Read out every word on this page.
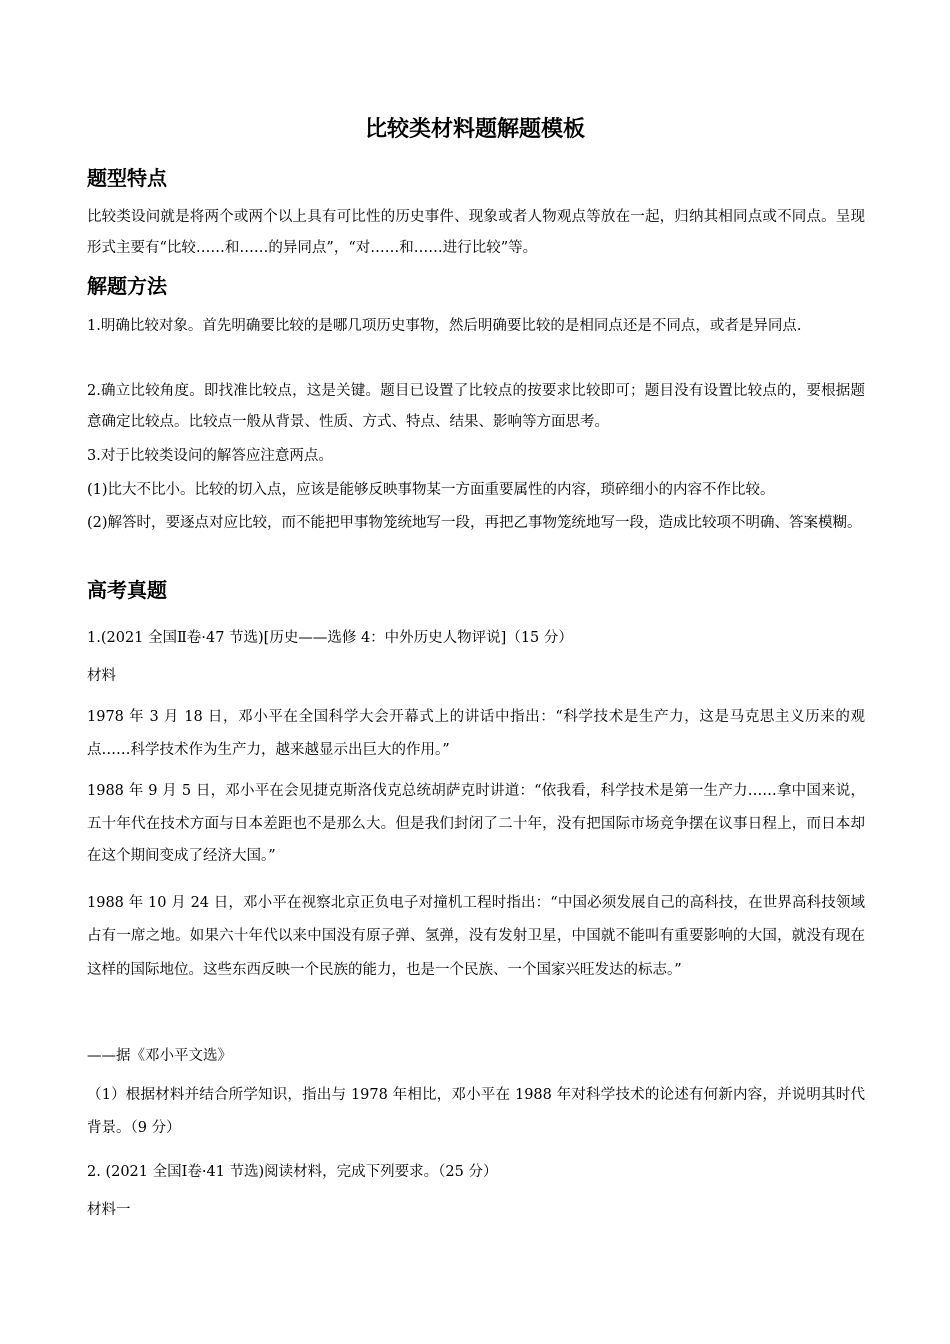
比较类材料题解题模板
题型特点

比较类设问就是将两个或两个以上具有可比性的历史事件、现象或者人物观点等放在一起，归纳其相同点或不同点。呈现形式主要有“比较……和……的异同点”，“对……和……进行比较”等。

解题方法

1.明确比较对象。首先明确要比较的是哪几项历史事物，然后明确要比较的是相同点还是不同点，或者是异同点.

2.确立比较角度。即找准比较点，这是关键。题目已设置了比较点的按要求比较即可；题目没有设置比较点的，要根据题意确定比较点。比较点一般从背景、性质、方式、特点、结果、影响等方面思考。

3.对于比较类设问的解答应注意两点。

(1)比大不比小。比较的切入点，应该是能够反映事物某一方面重要属性的内容，琐碎细小的内容不作比较。

(2)解答时，要逐点对应比较，而不能把甲事物笼统地写一段，再把乙事物笼统地写一段，造成比较项不明确、答案模糊。

高考真题

1.(2021 全国Ⅱ卷·47 节选)[历史——选修 4：中外历史人物评说]（15 分）

材料

1978 年 3 月 18 日，邓小平在全国科学大会开幕式上的讲话中指出：“科学技术是生产力，这是马克思主义历来的观点……科学技术作为生产力，越来越显示出巨大的作用。”

1988 年 9 月 5 日，邓小平在会见捷克斯洛伐克总统胡萨克时讲道：“依我看，科学技术是第一生产力……拿中国来说，五十年代在技术方面与日本差距也不是那么大。但是我们封闭了二十年，没有把国际市场竞争摆在议事日程上，而日本却在这个期间变成了经济大国。”

1988 年 10 月 24 日，邓小平在视察北京正负电子对撞机工程时指出：“中国必须发展自己的高科技，在世界高科技领域占有一席之地。如果六十年代以来中国没有原子弹、氢弹，没有发射卫星，中国就不能叫有重要影响的大国，就没有现在这样的国际地位。这些东西反映一个民族的能力，也是一个民族、一个国家兴旺发达的标志。”

——据《邓小平文选》

（1）根据材料并结合所学知识，指出与 1978 年相比，邓小平在 1988 年对科学技术的论述有何新内容，并说明其时代背景。（9 分）

2. (2021 全国Ⅰ卷·41 节选)阅读材料，完成下列要求。（25 分）

材料一
